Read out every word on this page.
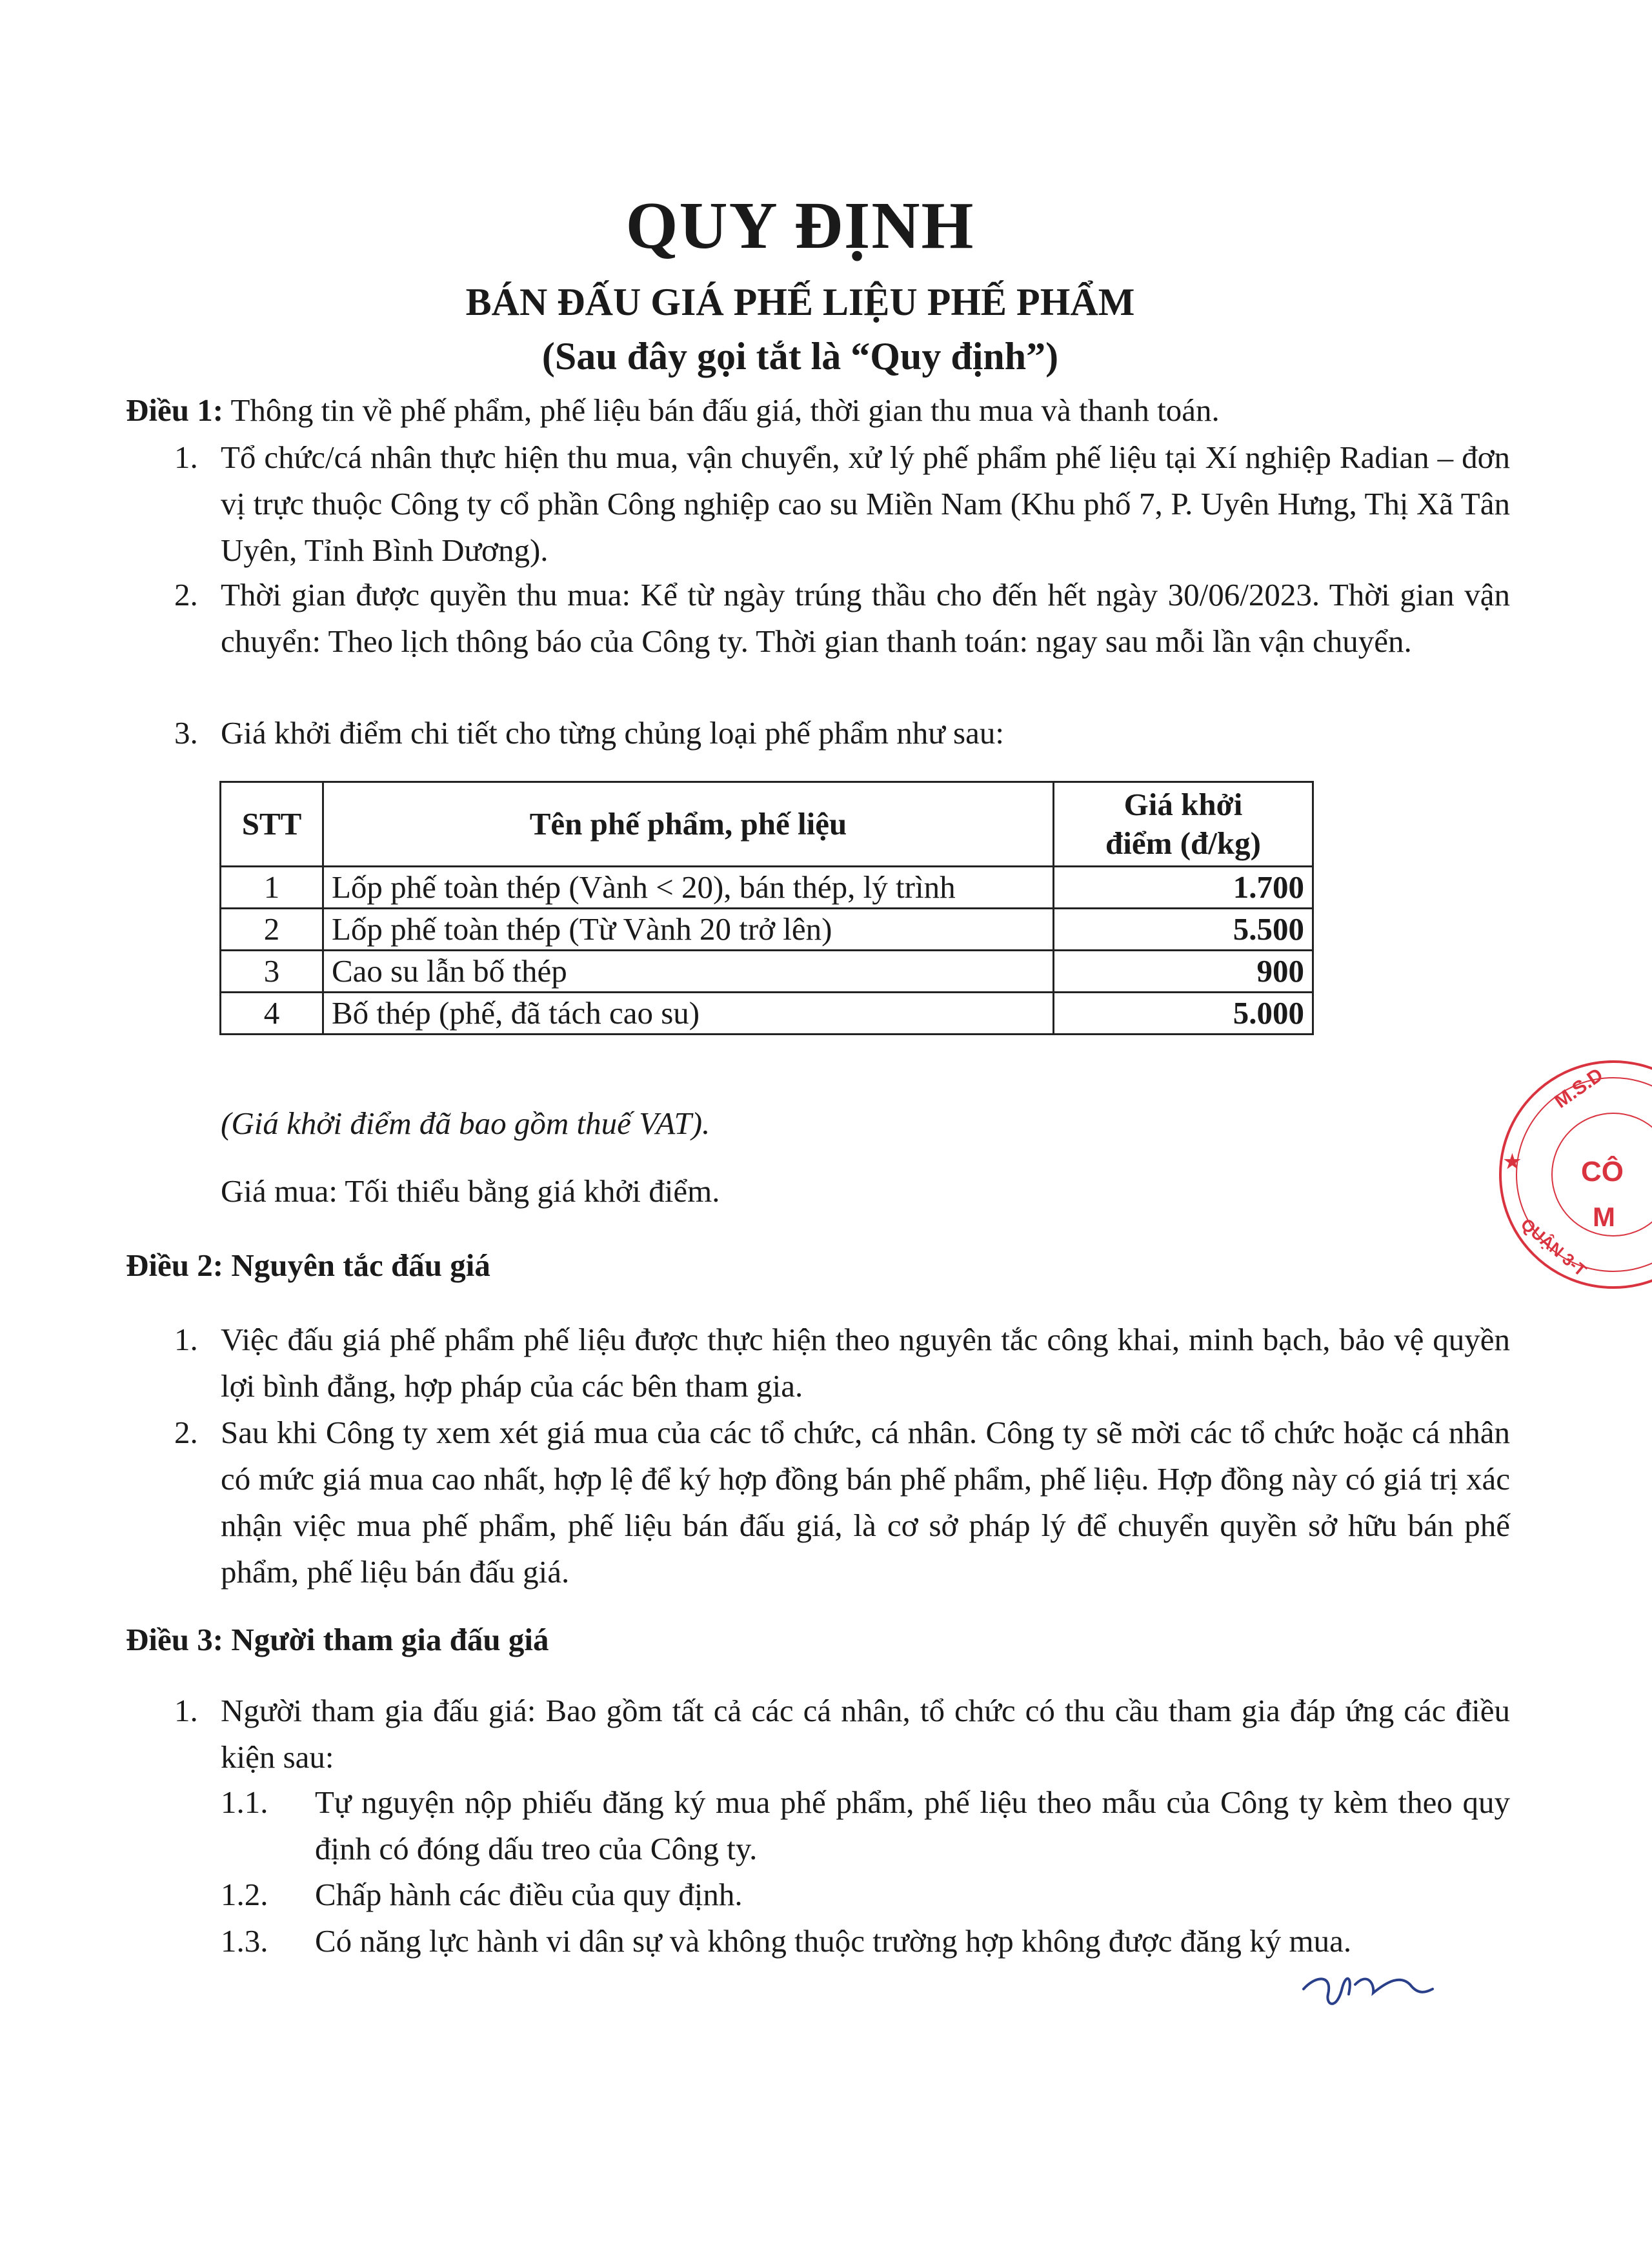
QUY ĐỊNH
BÁN ĐẤU GIÁ PHẾ LIỆU PHẾ PHẨM
(Sau đây gọi tắt là “Quy định”)
Điều 1: Thông tin về phế phẩm, phế liệu bán đấu giá, thời gian thu mua và thanh toán.
1. Tổ chức/cá nhân thực hiện thu mua, vận chuyển, xử lý phế phẩm phế liệu tại Xí nghiệp Radian – đơn vị trực thuộc Công ty cổ phần Công nghiệp cao su Miền Nam (Khu phố 7, P. Uyên Hưng, Thị Xã Tân Uyên, Tỉnh Bình Dương).
2. Thời gian được quyền thu mua: Kể từ ngày trúng thầu cho đến hết ngày 30/06/2023. Thời gian vận chuyển: Theo lịch thông báo của Công ty. Thời gian thanh toán: ngay sau mỗi lần vận chuyển.
3. Giá khởi điểm chi tiết cho từng chủng loại phế phẩm như sau:
STT	Tên phế phẩm, phế liệu	Giá khởi điểm (đ/kg)
1	Lốp phế toàn thép (Vành < 20), bán thép, lý trình	1.700
2	Lốp phế toàn thép (Từ Vành 20 trở lên)	5.500
3	Cao su lẫn bố thép	900
4	Bố thép (phế, đã tách cao su)	5.000
(Giá khởi điểm đã bao gồm thuế VAT).
Giá mua: Tối thiểu bằng giá khởi điểm.
Điều 2: Nguyên tắc đấu giá
1. Việc đấu giá phế phẩm phế liệu được thực hiện theo nguyên tắc công khai, minh bạch, bảo vệ quyền lợi bình đẳng, hợp pháp của các bên tham gia.
2. Sau khi Công ty xem xét giá mua của các tổ chức, cá nhân. Công ty sẽ mời các tổ chức hoặc cá nhân có mức giá mua cao nhất, hợp lệ để ký hợp đồng bán phế phẩm, phế liệu. Hợp đồng này có giá trị xác nhận việc mua phế phẩm, phế liệu bán đấu giá, là cơ sở pháp lý để chuyển quyền sở hữu bán phế phẩm, phế liệu bán đấu giá.
Điều 3: Người tham gia đấu giá
1. Người tham gia đấu giá: Bao gồm tất cả các cá nhân, tổ chức có thu cầu tham gia đáp ứng các điều kiện sau:
1.1.	Tự nguyện nộp phiếu đăng ký mua phế phẩm, phế liệu theo mẫu của Công ty kèm theo quy định có đóng dấu treo của Công ty.
1.2.	Chấp hành các điều của quy định.
1.3.	Có năng lực hành vi dân sự và không thuộc trường hợp không được đăng ký mua.
M.S.D
★ CÔ
M
QUẬN 3-T
